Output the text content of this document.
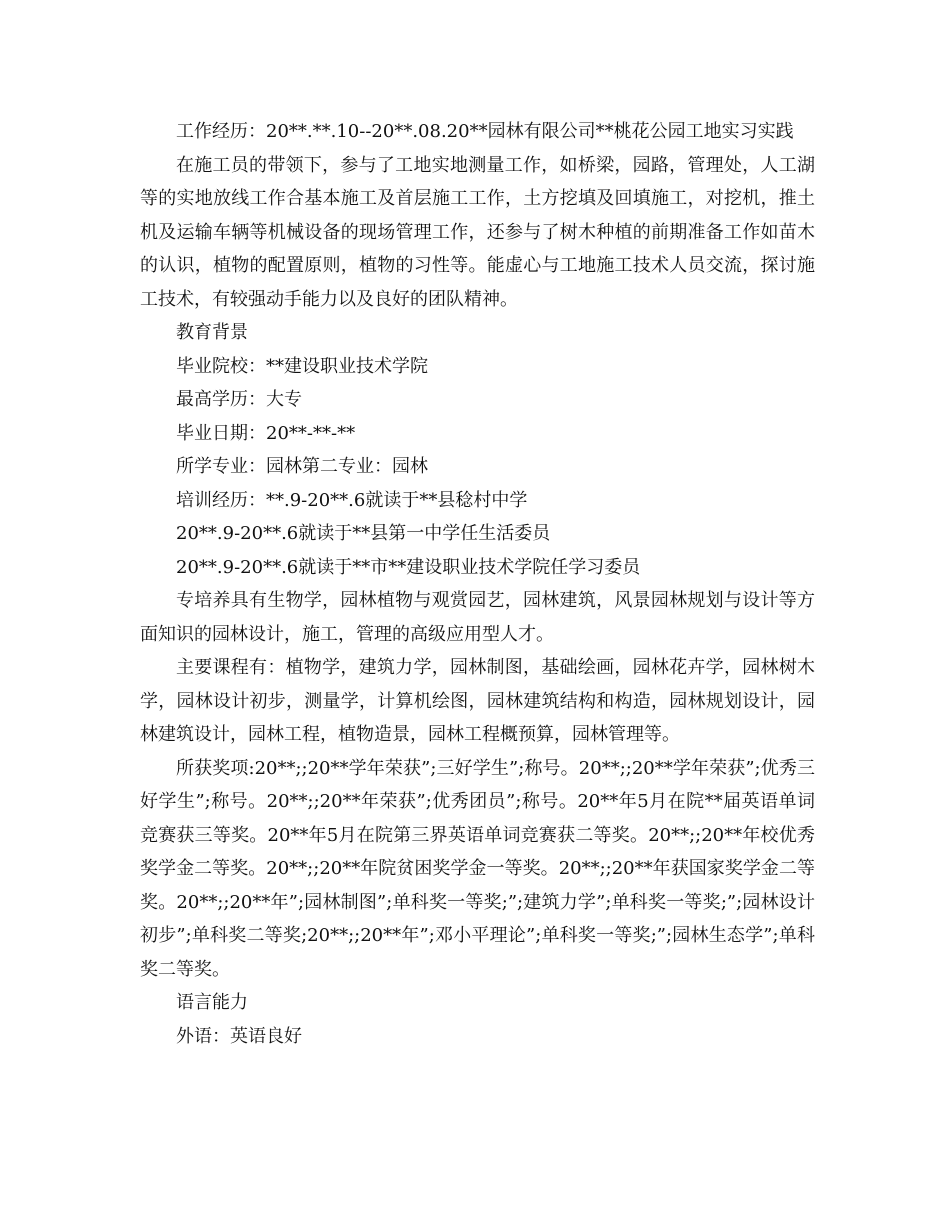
工作经历：20**.**.10--20**.08.20**园林有限公司**桃花公园工地实习实践

在施工员的带领下，参与了工地实地测量工作，如桥梁，园路，管理处，人工湖等的实地放线工作合基本施工及首层施工工作，土方挖填及回填施工，对挖机，推土机及运输车辆等机械设备的现场管理工作，还参与了树木种植的前期准备工作如苗木的认识，植物的配置原则，植物的习性等。能虚心与工地施工技术人员交流，探讨施工技术，有较强动手能力以及良好的团队精神。

教育背景

毕业院校：**建设职业技术学院

最高学历：大专

毕业日期：20**-**-**

所学专业：园林第二专业：园林

培训经历：**.9-20**.6就读于**县稔村中学

20**.9-20**.6就读于**县第一中学任生活委员

20**.9-20**.6就读于**市**建设职业技术学院任学习委员

专培养具有生物学，园林植物与观赏园艺，园林建筑，风景园林规划与设计等方面知识的园林设计，施工，管理的高级应用型人才。

主要课程有：植物学，建筑力学，园林制图，基础绘画，园林花卉学，园林树木学，园林设计初步，测量学，计算机绘图，园林建筑结构和构造，园林规划设计，园林建筑设计，园林工程，植物造景，园林工程概预算，园林管理等。

所获奖项:20**;;20**学年荣获”;三好学生”;称号。20**;;20**学年荣获”;优秀三好学生”;称号。20**;;20**年荣获”;优秀团员”;称号。20**年5月在院**届英语单词竞赛获三等奖。20**年5月在院第三界英语单词竞赛获二等奖。20**;;20**年校优秀奖学金二等奖。20**;;20**年院贫困奖学金一等奖。20**;;20**年获国家奖学金二等奖。20**;;20**年”;园林制图”;单科奖一等奖;”;建筑力学”;单科奖一等奖;”;园林设计初步”;单科奖二等奖;20**;;20**年”;邓小平理论”;单科奖一等奖;”;园林生态学”;单科奖二等奖。

语言能力

外语：英语良好
